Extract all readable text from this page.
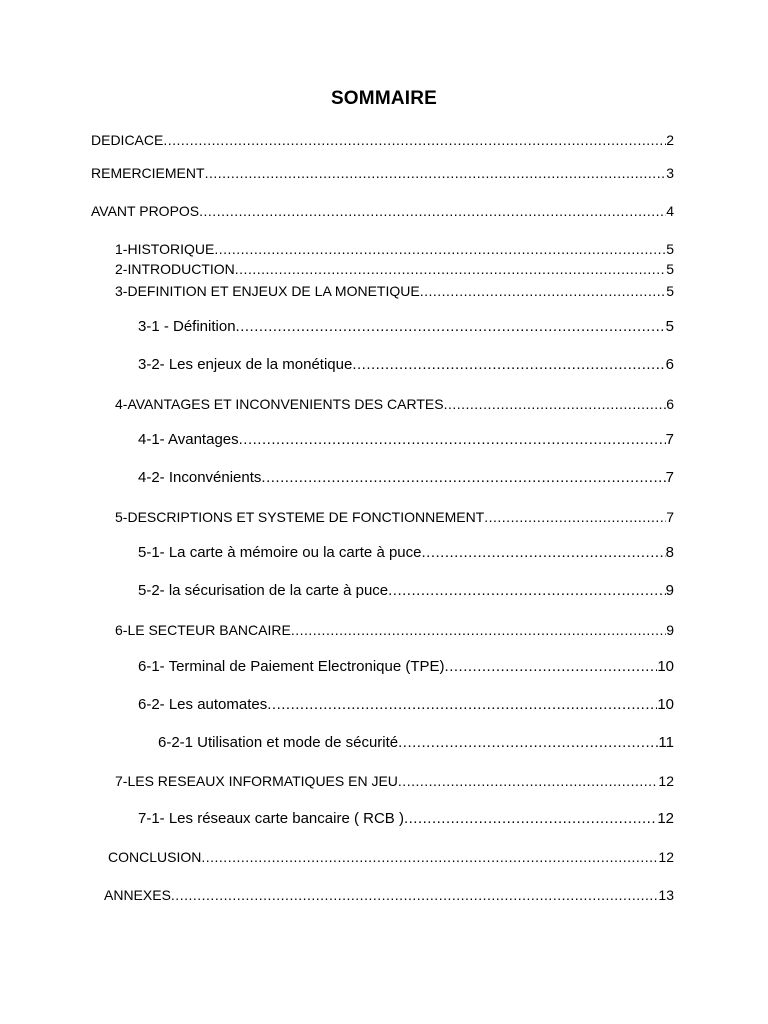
SOMMAIRE
DEDICACE .....	2
REMERCIEMENT .....	3
AVANT PROPOS .....	4
1- HISTORIQUE .....	5
2- INTRODUCTION .....	5
3- DEFINITION ET ENJEUX DE LA MONETIQUE .....	5
3-1 - Définition .....	5
3-2- Les enjeux de la monétique .....	6
4- AVANTAGES ET INCONVENIENTS DES CARTES .....	6
4-1- Avantages .....	7
4-2- Inconvénients .....	7
5- DESCRIPTIONS ET SYSTEME DE FONCTIONNEMENT .....	7
5-1- La carte à mémoire ou la carte à puce .....	8
5-2- la sécurisation de la carte à puce .....	9
6- LE SECTEUR BANCAIRE .....	9
6-1- Terminal de Paiement Electronique (TPE) .....	10
6-2- Les automates .....	10
6-2-1 Utilisation et mode de sécurité .....	11
7- LES RESEAUX INFORMATIQUES EN JEU .....	12
7-1- Les réseaux carte bancaire ( RCB ) .....	12
CONCLUSION .....	12
ANNEXES .....	13
